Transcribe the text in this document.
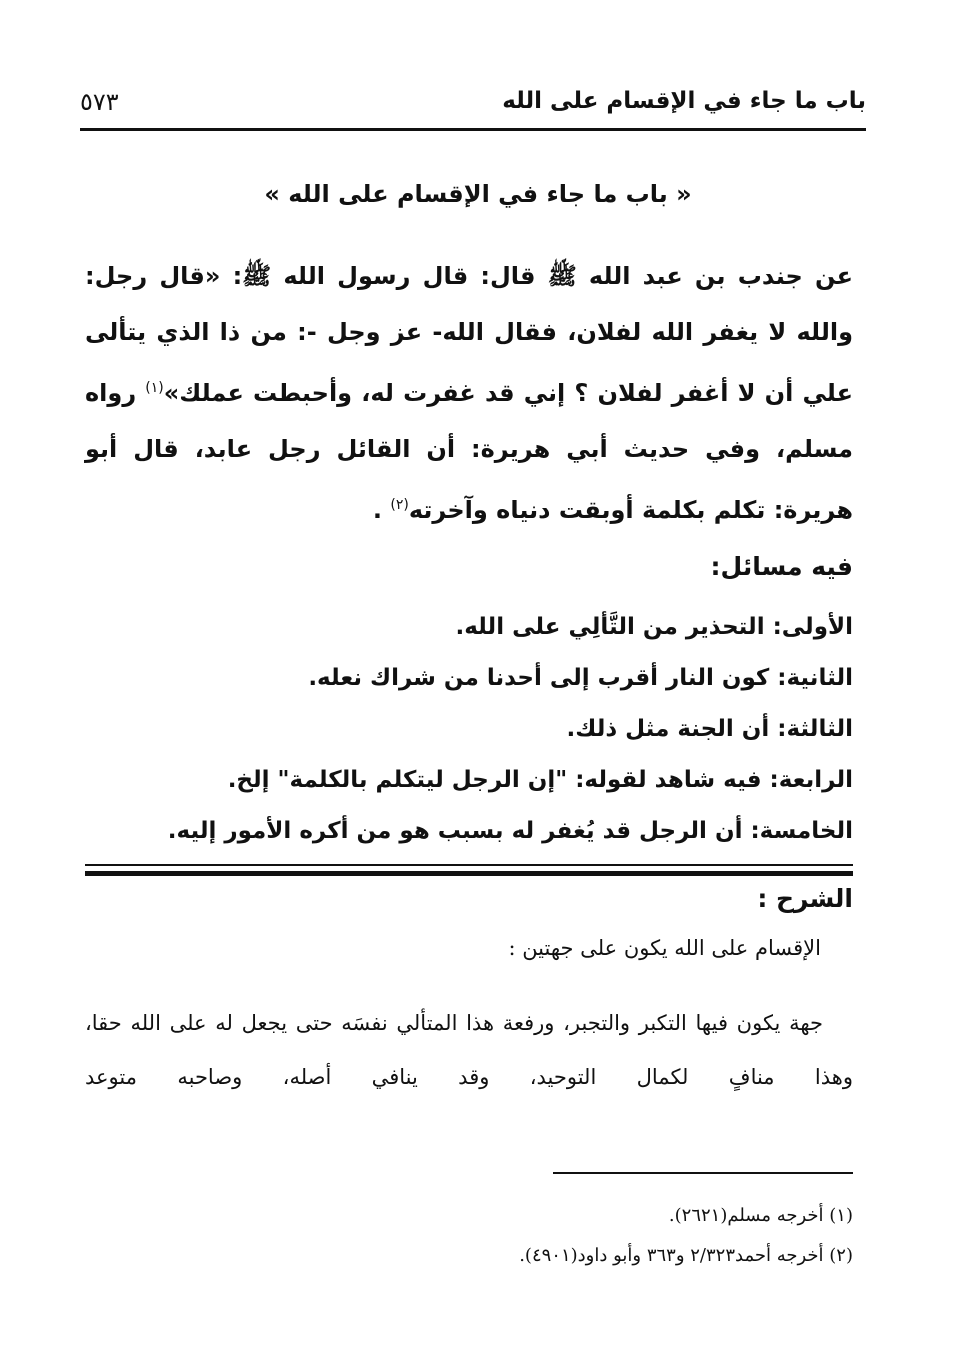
باب ما جاء في الإقسام على الله
٥٧٣
« باب ما جاء في الإقسام على الله »
عن جندب بن عبد الله ﷺ قال: قال رسول الله ﷺ: «قال رجل: والله لا يغفر الله لفلان، فقال الله- عز وجل -: من ذا الذي يتألى علي أن لا أغفر لفلان ؟ إني قد غفرت له، وأحبطت عملك»$^{(١)}$ رواه مسلم، وفي حديث أبي هريرة: أن القائل رجل عابد، قال أبو هريرة: تكلم بكلمة أوبقت دنياه وآخرته$^{(٢)}$ .
فيه مسائل:
الأولى: التحذير من التَّألِي على الله.
الثانية: كون النار أقرب إلى أحدنا من شراك نعله.
الثالثة: أن الجنة مثل ذلك.
الرابعة: فيه شاهد لقوله: "إن الرجل ليتكلم بالكلمة" إلخ.
الخامسة: أن الرجل قد يُغفر له بسبب هو من أكره الأمور إليه.
الشرح :
الإقسام على الله يكون على جهتين :
جهة يكون فيها التكبر والتجبر، ورفعة هذا المتألي نفسَه حتى يجعل له على الله حقا، وهذا منافٍ لكمال التوحيد، وقد ينافي أصله، وصاحبه متوعد
(١) أخرجه مسلم(٢٦٢١).
(٢) أخرجه أحمد٢/٣٢٣ و٣٦٣ وأبو داود(٤٩٠١).
